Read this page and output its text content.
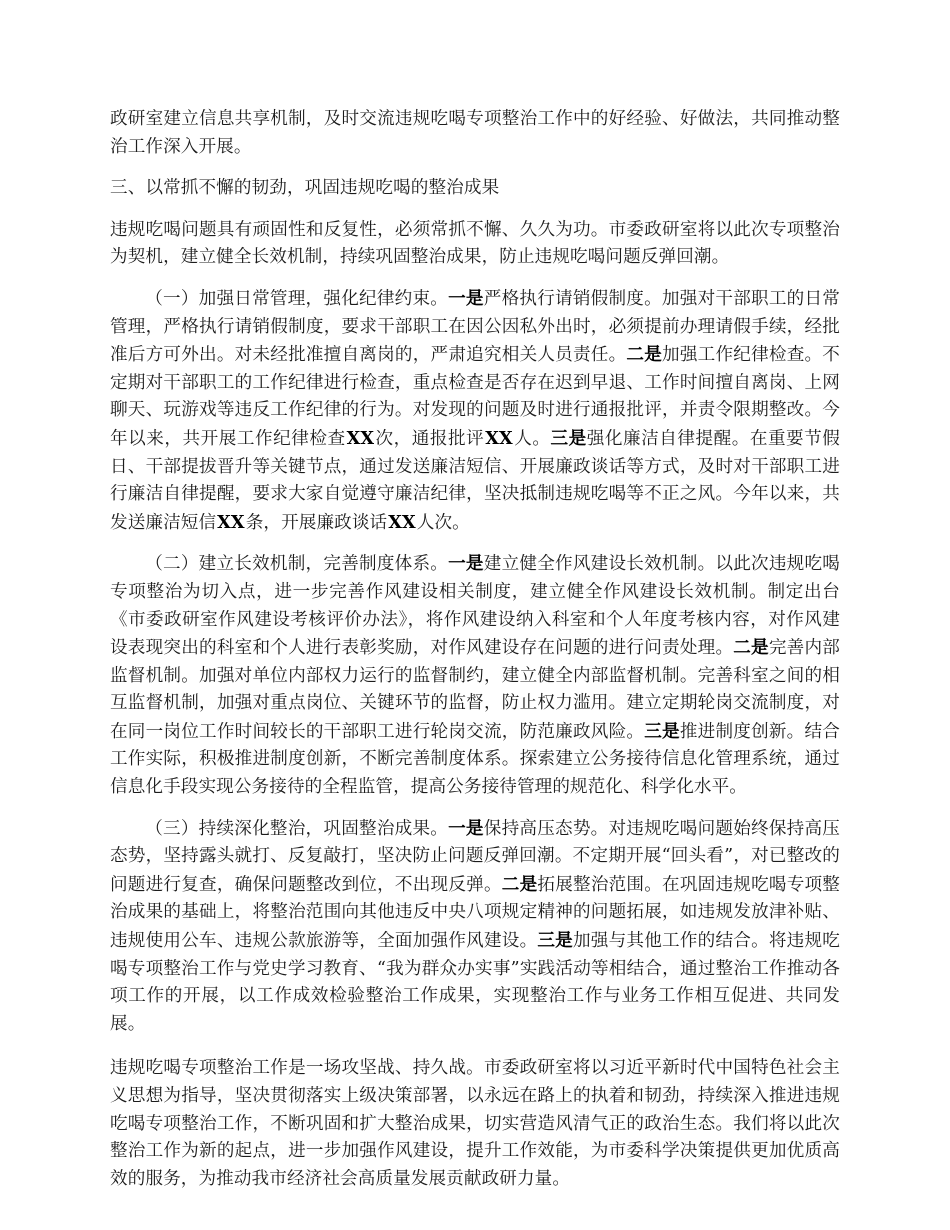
政研室建立信息共享机制，及时交流违规吃喝专项整治工作中的好经验、好做法，共同推动整治工作深入开展。

三、以常抓不懈的韧劲，巩固违规吃喝的整治成果

违规吃喝问题具有顽固性和反复性，必须常抓不懈、久久为功。市委政研室将以此次专项整治为契机，建立健全长效机制，持续巩固整治成果，防止违规吃喝问题反弹回潮。

（一）加强日常管理，强化纪律约束。一是严格执行请销假制度。加强对干部职工的日常管理，严格执行请销假制度，要求干部职工在因公因私外出时，必须提前办理请假手续，经批准后方可外出。对未经批准擅自离岗的，严肃追究相关人员责任。二是加强工作纪律检查。不定期对干部职工的工作纪律进行检查，重点检查是否存在迟到早退、工作时间擅自离岗、上网聊天、玩游戏等违反工作纪律的行为。对发现的问题及时进行通报批评，并责令限期整改。今年以来，共开展工作纪律检查XX次，通报批评XX人。三是强化廉洁自律提醒。在重要节假日、干部提拔晋升等关键节点，通过发送廉洁短信、开展廉政谈话等方式，及时对干部职工进行廉洁自律提醒，要求大家自觉遵守廉洁纪律，坚决抵制违规吃喝等不正之风。今年以来，共发送廉洁短信XX条，开展廉政谈话XX人次。

（二）建立长效机制，完善制度体系。一是建立健全作风建设长效机制。以此次违规吃喝专项整治为切入点，进一步完善作风建设相关制度，建立健全作风建设长效机制。制定出台《市委政研室作风建设考核评价办法》，将作风建设纳入科室和个人年度考核内容，对作风建设表现突出的科室和个人进行表彰奖励，对作风建设存在问题的进行问责处理。二是完善内部监督机制。加强对单位内部权力运行的监督制约，建立健全内部监督机制。完善科室之间的相互监督机制，加强对重点岗位、关键环节的监督，防止权力滥用。建立定期轮岗交流制度，对在同一岗位工作时间较长的干部职工进行轮岗交流，防范廉政风险。三是推进制度创新。结合工作实际，积极推进制度创新，不断完善制度体系。探索建立公务接待信息化管理系统，通过信息化手段实现公务接待的全程监管，提高公务接待管理的规范化、科学化水平。

（三）持续深化整治，巩固整治成果。一是保持高压态势。对违规吃喝问题始终保持高压态势，坚持露头就打、反复敲打，坚决防止问题反弹回潮。不定期开展“回头看”，对已整改的问题进行复查，确保问题整改到位，不出现反弹。二是拓展整治范围。在巩固违规吃喝专项整治成果的基础上，将整治范围向其他违反中央八项规定精神的问题拓展，如违规发放津补贴、违规使用公车、违规公款旅游等，全面加强作风建设。三是加强与其他工作的结合。将违规吃喝专项整治工作与党史学习教育、“我为群众办实事”实践活动等相结合，通过整治工作推动各项工作的开展，以工作成效检验整治工作成果，实现整治工作与业务工作相互促进、共同发展。

违规吃喝专项整治工作是一场攻坚战、持久战。市委政研室将以习近平新时代中国特色社会主义思想为指导，坚决贯彻落实上级决策部署，以永远在路上的执着和韧劲，持续深入推进违规吃喝专项整治工作，不断巩固和扩大整治成果，切实营造风清气正的政治生态。我们将以此次整治工作为新的起点，进一步加强作风建设，提升工作效能，为市委科学决策提供更加优质高效的服务，为推动我市经济社会高质量发展贡献政研力量。
